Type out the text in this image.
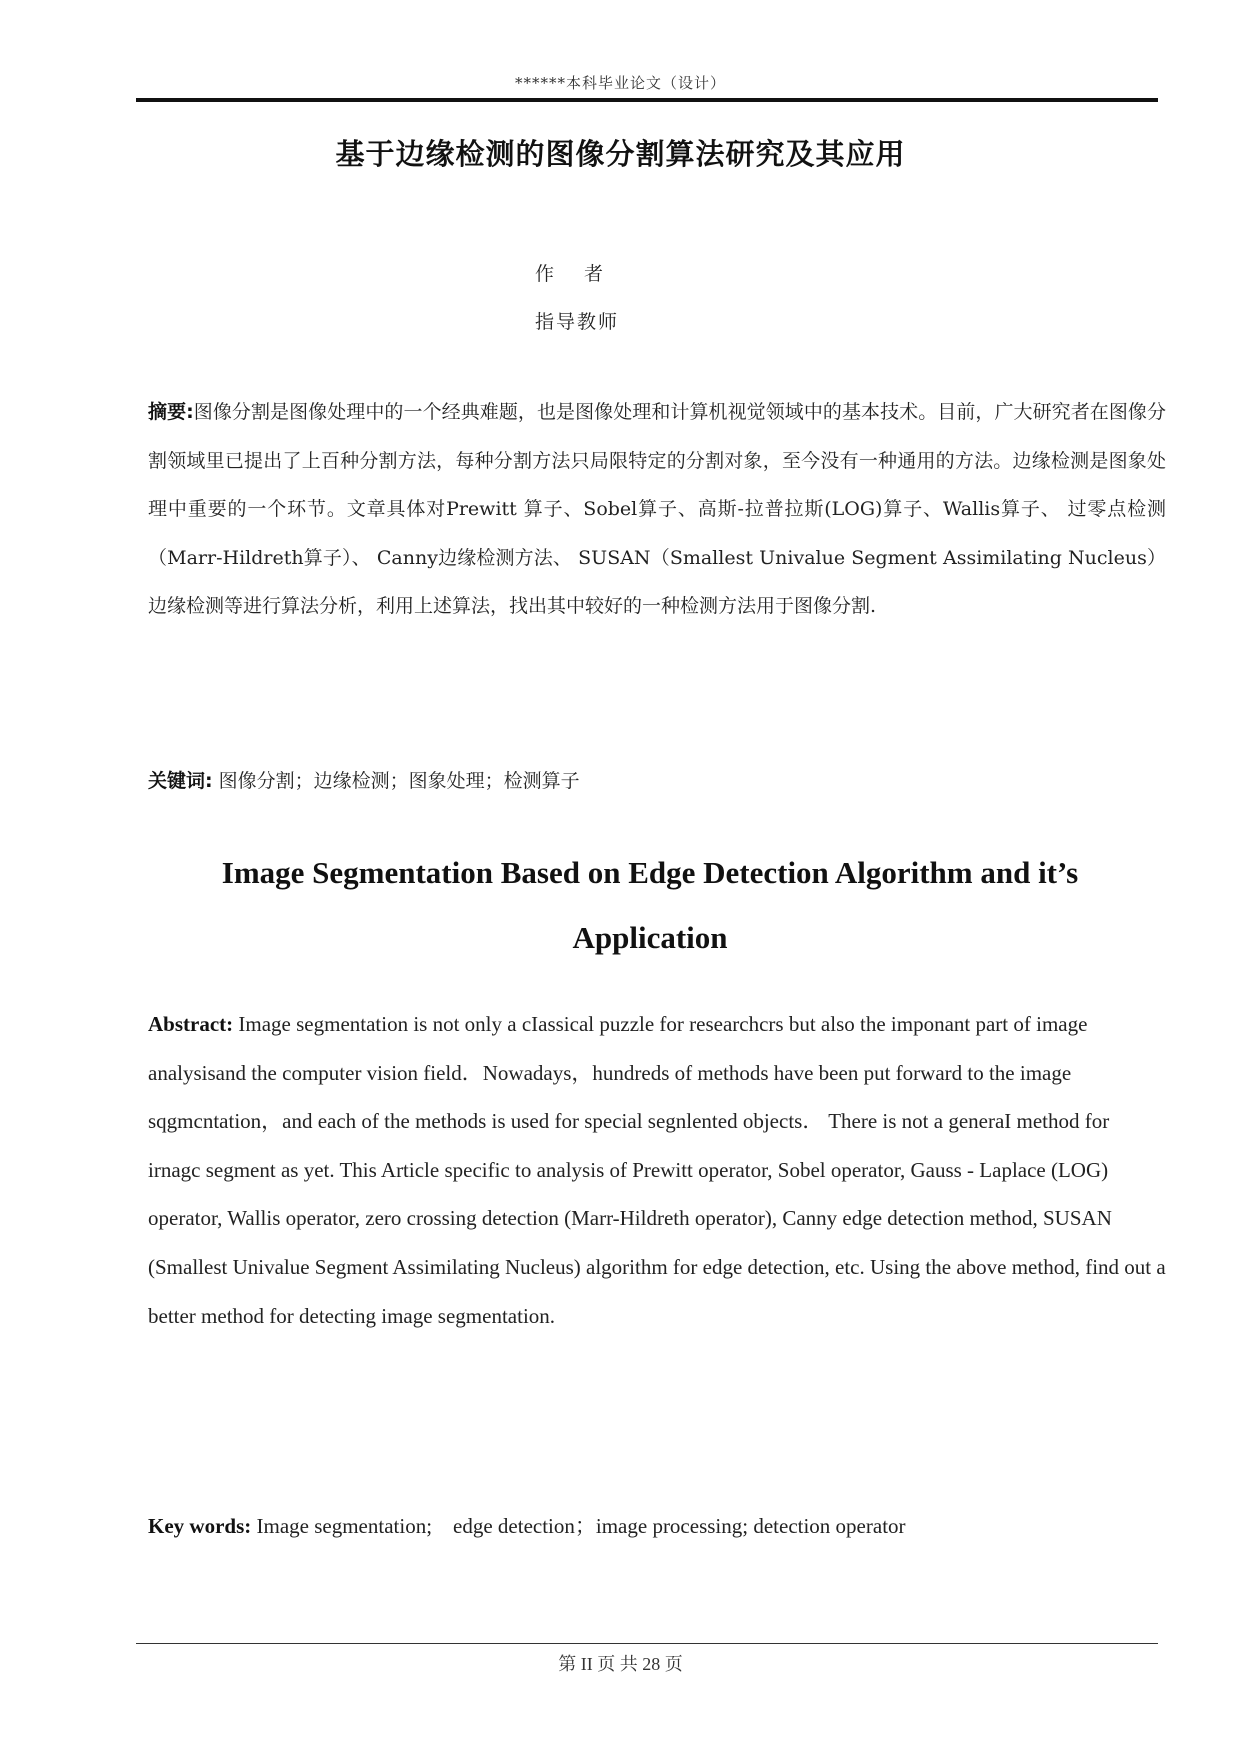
******本科毕业论文（设计）
基于边缘检测的图像分割算法研究及其应用
作者
指导教师
摘要:图像分割是图像处理中的一个经典难题，也是图像处理和计算机视觉领域中的基本技术。目前，广大研究者在图像分割领域里已提出了上百种分割方法，每种分割方法只局限特定的分割对象，至今没有一种通用的方法。边缘检测是图象处理中重要的一个环节。文章具体对Prewitt 算子、Sobel算子、高斯-拉普拉斯(LOG)算子、Wallis算子、 过零点检测（Marr-Hildreth算子）、 Canny边缘检测方法、 SUSAN（Smallest Univalue Segment Assimilating Nucleus）边缘检测等进行算法分析，利用上述算法，找出其中较好的一种检测方法用于图像分割.
关键词: 图像分割；边缘检测；图象处理；检测算子
Image Segmentation Based on Edge Detection Algorithm and it’s Application
Abstract: Image segmentation is not only a cIassical puzzle for researchcrs but also the imponant part of image analysisand the computer vision field．Nowadays，hundreds of methods have been put forward to the image sqgmcntation，and each of the methods is used for special segnlented objects． There is not a generaI method for irnagc segment as yet. This Article specific to analysis of Prewitt operator, Sobel operator, Gauss - Laplace (LOG) operator, Wallis operator, zero crossing detection (Marr-Hildreth operator), Canny edge detection method, SUSAN (Smallest Univalue Segment Assimilating Nucleus) algorithm for edge detection, etc. Using the above method, find out a better method for detecting image segmentation.
Key words: Image segmentation;    edge detection；image processing; detection operator
第 II 页 共 28 页
